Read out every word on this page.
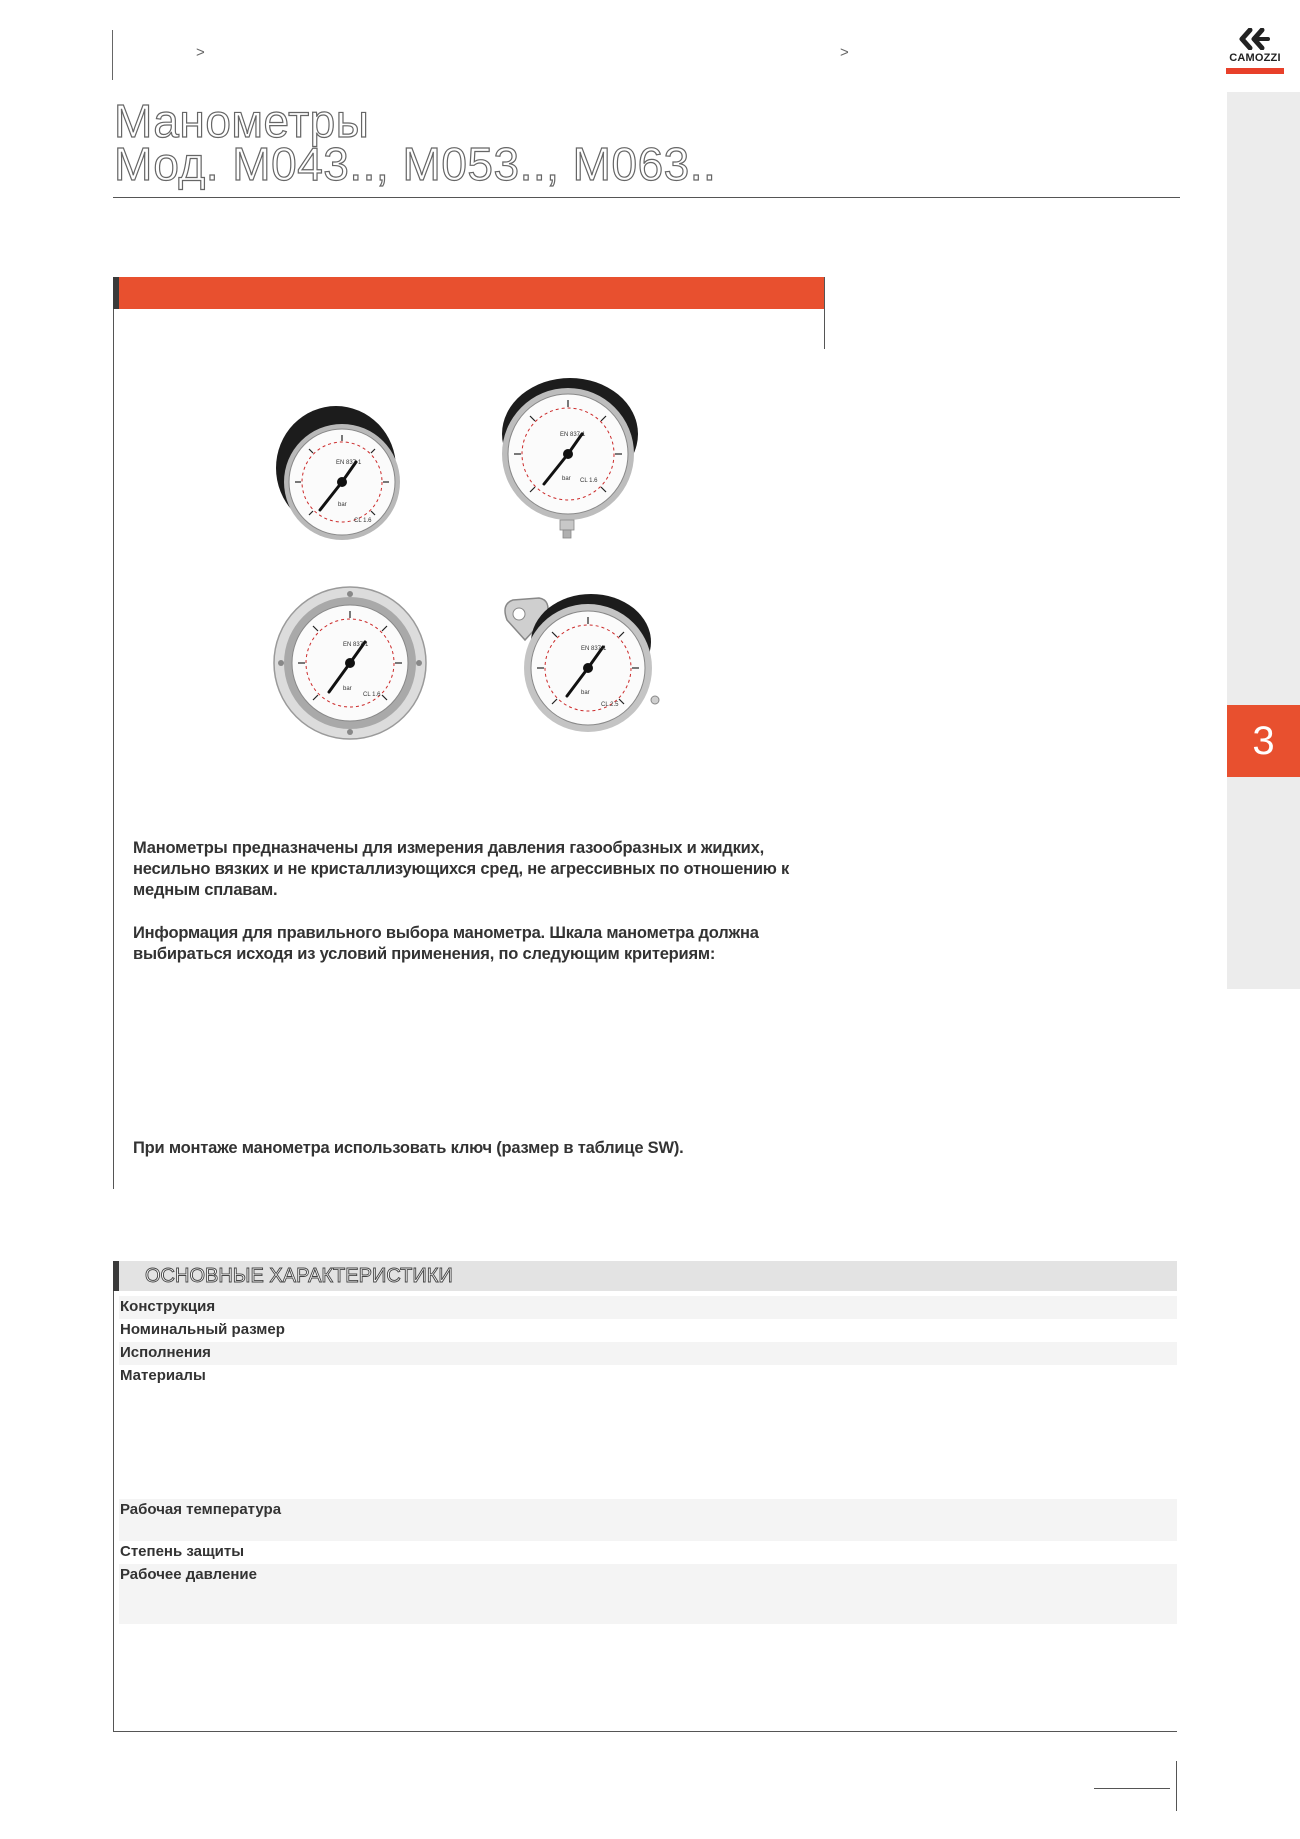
>	>
Манометры
Мод. M043.., M053.., M063..
CAMOZZI
3
EN 837-1
bar
CL 1.6
EN 837-1
bar CL 1.6
EN 837-1
bar
CL 1.6
EN 837-1
bar
CL 2.5
Манометры предназначены для измерения давления газообразных и жидких, несильно вязких и не кристаллизующихся сред, не агрессивных по отношению к медным сплавам.
Информация для правильного выбора манометра. Шкала манометра должна выбираться исходя из условий применения, по следующим критериям:
При монтаже манометра использовать ключ (размер в таблице SW).
ОСНОВНЫЕ ХАРАКТЕРИСТИКИ
Конструкция
Номинальный размер
Исполнения
Материалы
Рабочая температура
Степень защиты
Рабочее давление
